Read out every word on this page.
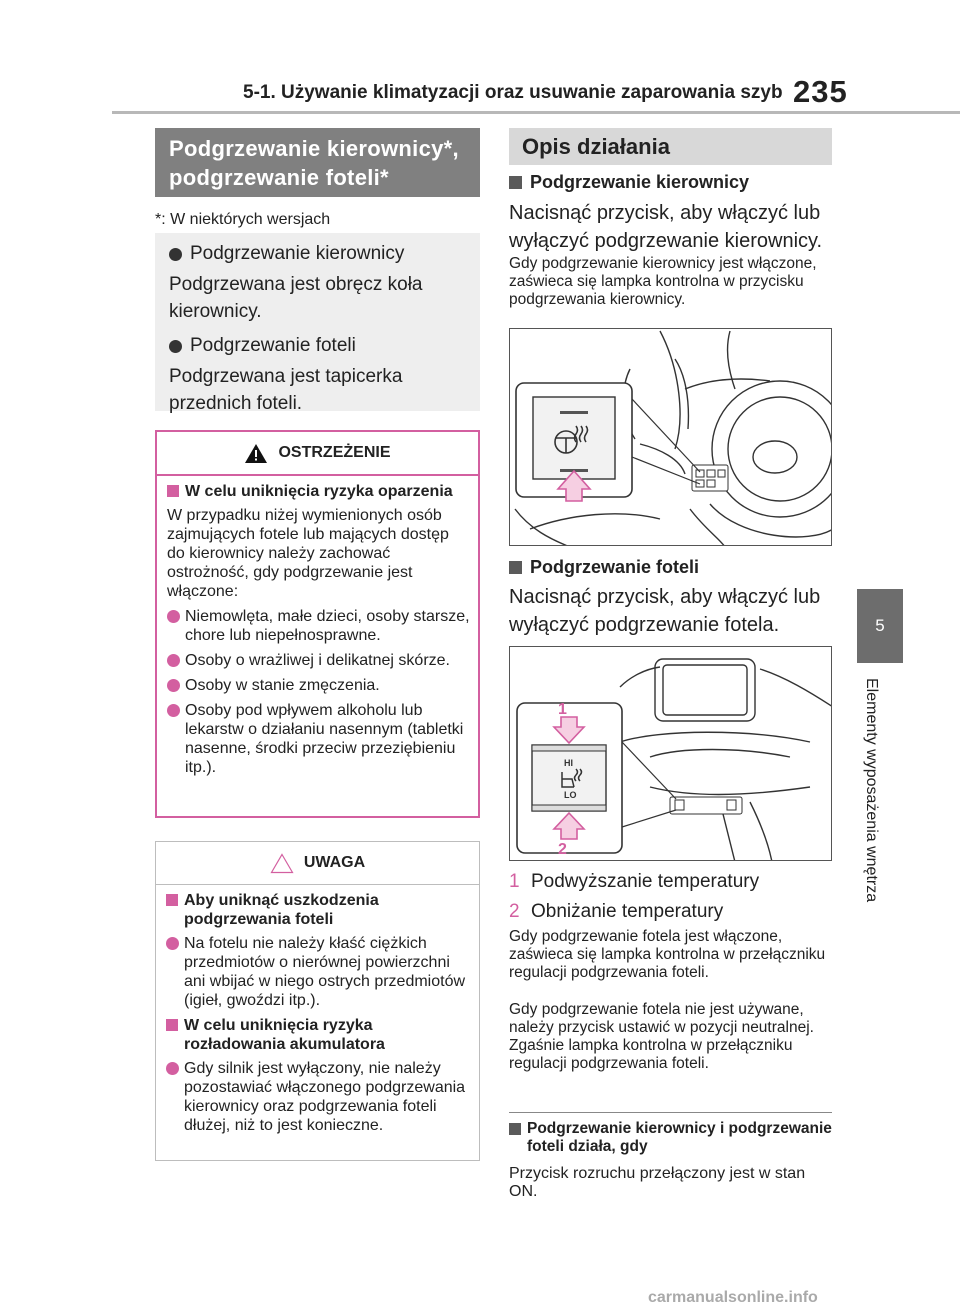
5-1. Używanie klimatyzacji oraz usuwanie zaparowania szyb 235
5
Elementy wyposażenia wnętrza
Podgrzewanie kierownicy*, podgrzewanie foteli*
*: W niektórych wersjach
Podgrzewanie kierownicy
Podgrzewana jest obręcz koła kierownicy.
Podgrzewanie foteli
Podgrzewana jest tapicerka przednich foteli.
OSTRZEŻENIE
W celu uniknięcia ryzyka oparzenia
W przypadku niżej wymienionych osób zajmujących fotele lub mających dostęp do kierownicy należy zachować ostrożność, gdy podgrzewanie jest włączone:
Niemowlęta, małe dzieci, osoby starsze, chore lub niepełnosprawne.
Osoby o wrażliwej i delikatnej skórze.
Osoby w stanie zmęczenia.
Osoby pod wpływem alkoholu lub lekarstw o działaniu nasennym (tabletki nasenne, środki przeciw przeziębieniu itp.).
UWAGA
Aby uniknąć uszkodzenia podgrzewania foteli
Na fotelu nie należy kłaść ciężkich przedmiotów o nierównej powierzchni ani wbijać w niego ostrych przedmiotów (igieł, gwoździ itp.).
W celu uniknięcia ryzyka rozładowania akumulatora
Gdy silnik jest wyłączony, nie należy pozostawiać włączonego podgrzewania kierownicy oraz podgrzewania foteli dłużej, niż to jest konieczne.
Opis działania
Podgrzewanie kierownicy
Nacisnąć przycisk, aby włączyć lub wyłączyć podgrzewanie kierownicy.
Gdy podgrzewanie kierownicy jest włączone, zaświeca się lampka kontrolna w przycisku podgrzewania kierownicy.
Podgrzewanie foteli
Nacisnąć przycisk, aby włączyć lub wyłączyć podgrzewanie fotela.
HI
LO
1
2
1 Podwyższanie temperatury
2 Obniżanie temperatury
Gdy podgrzewanie fotela jest włączone, zaświeca się lampka kontrolna w przełączniku regulacji podgrzewania foteli.
Gdy podgrzewanie fotela nie jest używane, należy przycisk ustawić w pozycji neutralnej. Zgaśnie lampka kontrolna w przełączniku regulacji podgrzewania foteli.
Podgrzewanie kierownicy i podgrzewanie foteli działa, gdy
Przycisk rozruchu przełączony jest w stan ON.
carmanualsonline.info
